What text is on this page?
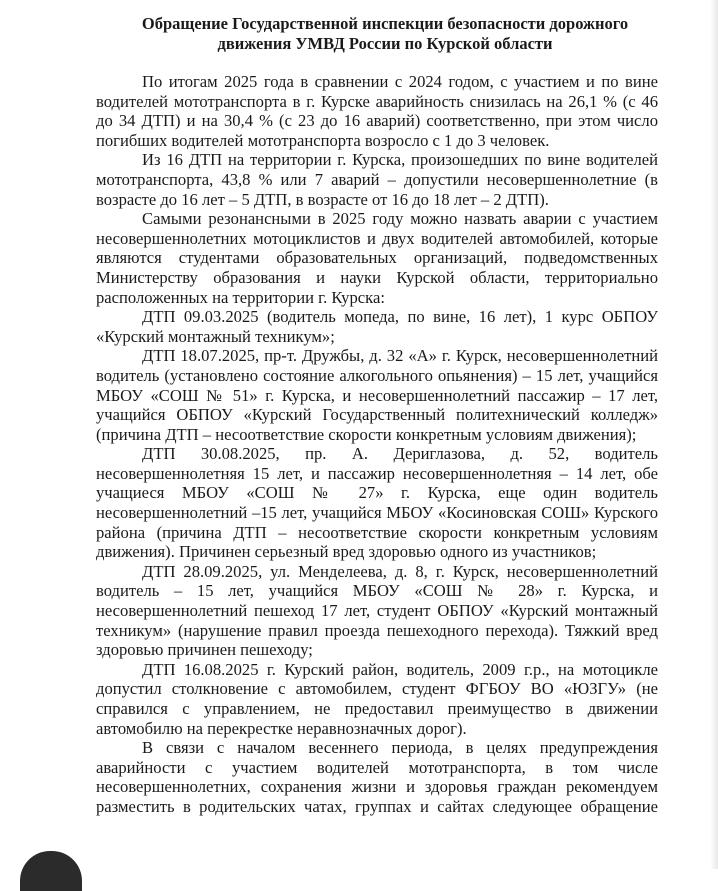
Обращение Государственной инспекции безопасности дорожного
движения УМВД России по Курской области

По итогам 2025 года в сравнении с 2024 годом, с участием и по вине водителей мототранспорта в г. Курске аварийность снизилась на 26,1 % (с 46 до 34 ДТП) и на 30,4 % (с 23 до 16 аварий) соответственно, при этом число погибших водителей мототранспорта возросло с 1 до 3 человек.

Из 16 ДТП на территории г. Курска, произошедших по вине водителей мототранспорта, 43,8 % или 7 аварий – допустили несовершеннолетние (в возрасте до 16 лет – 5 ДТП, в возрасте от 16 до 18 лет – 2 ДТП).

Самыми резонансными в 2025 году можно назвать аварии с участием несовершеннолетних мотоциклистов и двух водителей автомобилей, которые являются студентами образовательных организаций, подведомственных Министерству образования и науки Курской области, территориально расположенных на территории г. Курска:

ДТП 09.03.2025 (водитель мопеда, по вине, 16 лет), 1 курс ОБПОУ «Курский монтажный техникум»;

ДТП 18.07.2025, пр-т. Дружбы, д. 32 «А» г. Курск, несовершеннолетний водитель (установлено состояние алкогольного опьянения) – 15 лет, учащийся МБОУ «СОШ № 51» г. Курска, и несовершеннолетний пассажир – 17 лет, учащийся ОБПОУ «Курский Государственный политехнический колледж» (причина ДТП – несоответствие скорости конкретным условиям движения);

ДТП 30.08.2025, пр. А. Дериглазова, д. 52, водитель несовершеннолетняя 15 лет, и пассажир несовершеннолетняя – 14 лет, обе учащиеся МБОУ «СОШ № 27» г. Курска, еще один водитель несовершеннолетний –15 лет, учащийся МБОУ «Косиновская СОШ» Курского района (причина ДТП – несоответствие скорости конкретным условиям движения). Причинен серьезный вред здоровью одного из участников;

ДТП 28.09.2025, ул. Менделеева, д. 8, г. Курск, несовершеннолетний водитель – 15 лет, учащийся МБОУ «СОШ № 28» г. Курска, и несовершеннолетний пешеход 17 лет, студент ОБПОУ «Курский монтажный техникум» (нарушение правил проезда пешеходного перехода). Тяжкий вред здоровью причинен пешеходу;

ДТП 16.08.2025 г. Курский район, водитель, 2009 г.р., на мотоцикле допустил столкновение с автомобилем, студент ФГБОУ ВО «ЮЗГУ» (не справился с управлением, не предоставил преимущество в движении автомобилю на перекрестке неравнозначных дорог).

В связи с началом весеннего периода, в целях предупреждения аварийности с участием водителей мототранспорта, в том числе несовершеннолетних, сохранения жизни и здоровья граждан рекомендуем разместить в родительских чатах, группах и сайтах следующее обращение
